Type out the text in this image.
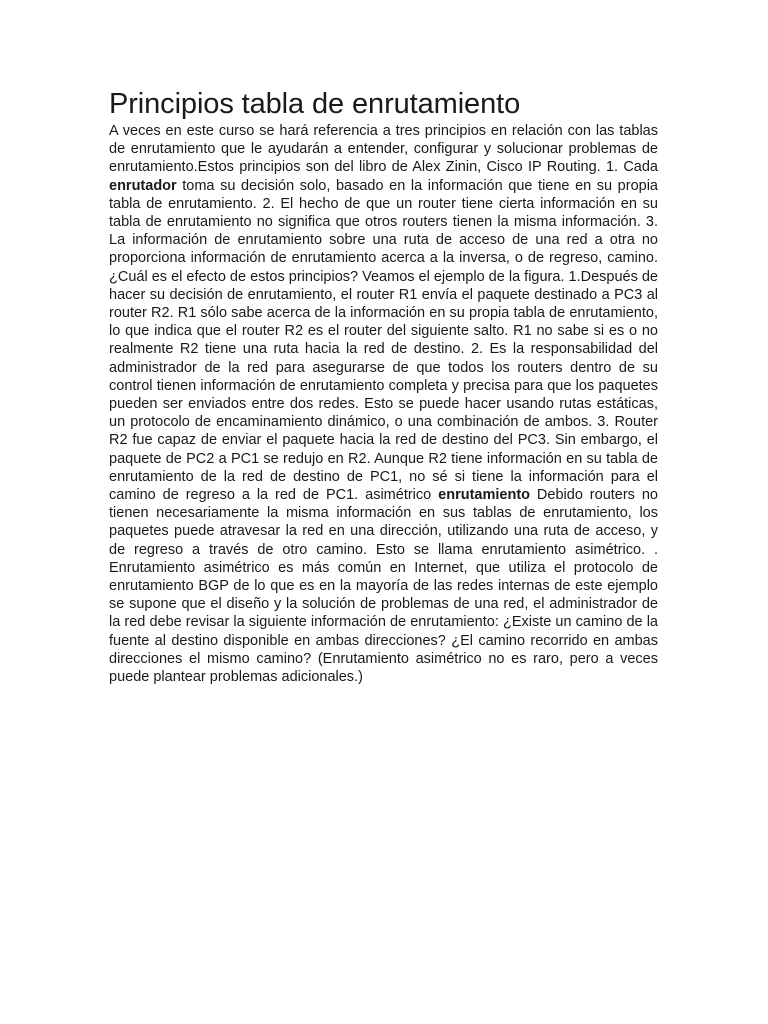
Principios tabla de enrutamiento

A veces en este curso se hará referencia a tres principios en relación con las tablas de enrutamiento que le ayudarán a entender, configurar y solucionar problemas de enrutamiento.Estos principios son del libro de Alex Zinin, Cisco IP Routing. 1. Cada enrutador toma su decisión solo, basado en la información que tiene en su propia tabla de enrutamiento. 2. El hecho de que un router tiene cierta información en su tabla de enrutamiento no significa que otros routers tienen la misma información. 3. La información de enrutamiento sobre una ruta de acceso de una red a otra no proporciona información de enrutamiento acerca a la inversa, o de regreso, camino. ¿Cuál es el efecto de estos principios? Veamos el ejemplo de la figura. 1.Después de hacer su decisión de enrutamiento, el router R1 envía el paquete destinado a PC3 al router R2. R1 sólo sabe acerca de la información en su propia tabla de enrutamiento, lo que indica que el router R2 es el router del siguiente salto. R1 no sabe si es o no realmente R2 tiene una ruta hacia la red de destino. 2. Es la responsabilidad del administrador de la red para asegurarse de que todos los routers dentro de su control tienen información de enrutamiento completa y precisa para que los paquetes pueden ser enviados entre dos redes. Esto se puede hacer usando rutas estáticas, un protocolo de encaminamiento dinámico, o una combinación de ambos. 3. Router R2 fue capaz de enviar el paquete hacia la red de destino del PC3. Sin embargo, el paquete de PC2 a PC1 se redujo en R2. Aunque R2 tiene información en su tabla de enrutamiento de la red de destino de PC1, no sé si tiene la información para el camino de regreso a la red de PC1. asimétrico enrutamiento Debido routers no tienen necesariamente la misma información en sus tablas de enrutamiento, los paquetes puede atravesar la red en una dirección, utilizando una ruta de acceso, y de regreso a través de otro camino. Esto se llama enrutamiento asimétrico. . Enrutamiento asimétrico es más común en Internet, que utiliza el protocolo de enrutamiento BGP de lo que es en la mayoría de las redes internas de este ejemplo se supone que el diseño y la solución de problemas de una red, el administrador de la red debe revisar la siguiente información de enrutamiento: ¿Existe un camino de la fuente al destino disponible en ambas direcciones? ¿El camino recorrido en ambas direcciones el mismo camino? (Enrutamiento asimétrico no es raro, pero a veces puede plantear problemas adicionales.)
